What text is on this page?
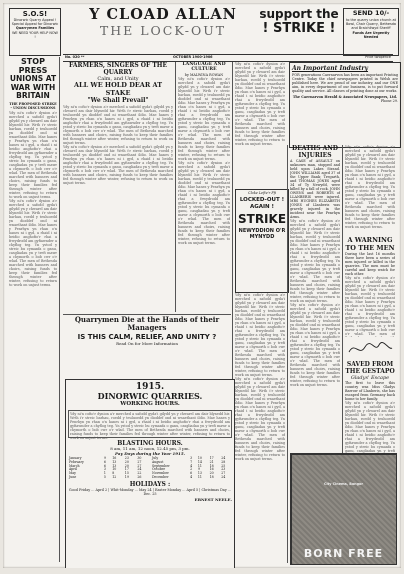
S.O.S!
Dinorwic Quarry Appeal ! Special Appeal for Dinorwic
Quarrymen Families
WE NEED YOUR HELP NOW !
Y CLOAD ALLAN
THE LOCK-OUT
support the
! STRIKE !
SEND 10/-
to the quarry union church at Bowl, Chair Quarry, Bethesda and Braichllwyd Sheriff
Funds Are Urgently Needed
No. 020 **	OCTOBER 1900-1906	Price twopence
STOP PRESS
UNIONS AT
WAR WITH
BRITAIN
THE PROPOSED STRIKE - UNION DISCUSSIONS
Ydy ni'n cofio'r dynion a'r merched a safodd gyda'i gilydd yn y chwarel am dair blynedd hir. Wrth i'r streic barhau, roedd y teuluoedd yn dioddef ond ni wnaethant ildio. Mae hanes y Penrhyn yn rhan o'n hanes ni i gyd, a rhaid i ni beidio anghofio'r rhai a frwydrodd am gyfiawnder a chyflog teg. Yn ystod y streic bu cymanfa o ganu, casgliadau yn y trefi mawr a chymorth o bob cwr o'r wlad. The men of Bethesda marched with banners and choirs, raising funds to keep their families fed through winter after winter, refusing to return to work on unjust terms.
Ydy ni'n cofio'r dynion a'r merched a safodd gyda'i gilydd yn y chwarel am dair blynedd hir. Wrth i'r streic barhau, roedd y teuluoedd yn dioddef ond ni wnaethant ildio. Mae hanes y Penrhyn yn rhan o'n hanes ni i gyd, a rhaid i ni beidio anghofio'r rhai a frwydrodd am gyfiawnder a chyflog teg. Yn ystod y streic bu cymanfa o ganu, casgliadau yn y trefi mawr a chymorth o bob cwr o'r wlad. The men of Bethesda marched with banners and choirs, raising funds to keep their families fed through winter after winter, refusing to return to work on unjust terms.
FARMERS, SINGERS OF THE QUARRY
Calm, and Unity
ALL WE HOLD DEAR AT STAKE
"We Shall Prevail"
Ydy ni'n cofio'r dynion a'r merched a safodd gyda'i gilydd yn y chwarel am dair blynedd hir. Wrth i'r streic barhau, roedd y teuluoedd yn dioddef ond ni wnaethant ildio. Mae hanes y Penrhyn yn rhan o'n hanes ni i gyd, a rhaid i ni beidio anghofio'r rhai a frwydrodd am gyfiawnder a chyflog teg. Yn ystod y streic bu cymanfa o ganu, casgliadau yn y trefi mawr a chymorth o bob cwr o'r wlad. The men of Bethesda marched with banners and choirs, raising funds to keep their families fed through winter after winter, refusing to return to work on unjust terms.
Ydy ni'n cofio'r dynion a'r merched a safodd gyda'i gilydd yn y chwarel am dair blynedd hir. Wrth i'r streic barhau, roedd y teuluoedd yn dioddef ond ni wnaethant ildio. Mae hanes y Penrhyn yn rhan o'n hanes ni i gyd, a rhaid i ni beidio anghofio'r rhai a frwydrodd am gyfiawnder a chyflog teg. Yn ystod y streic bu cymanfa o ganu, casgliadau yn y trefi mawr a chymorth o bob cwr o'r wlad. The men of Bethesda marched with banners and choirs, raising funds to keep their families fed through winter after winter, refusing to return to work on unjust terms.
LANGUAGE AND CULTURE
by MALWINA ROWAN
Ydy ni'n cofio'r dynion a'r merched a safodd gyda'i gilydd yn y chwarel am dair blynedd hir. Wrth i'r streic barhau, roedd y teuluoedd yn dioddef ond ni wnaethant ildio. Mae hanes y Penrhyn yn rhan o'n hanes ni i gyd, a rhaid i ni beidio anghofio'r rhai a frwydrodd am gyfiawnder a chyflog teg. Yn ystod y streic bu cymanfa o ganu, casgliadau yn y trefi mawr a chymorth o bob cwr o'r wlad. The men of Bethesda marched with banners and choirs, raising funds to keep their families fed through winter after winter, refusing to return to work on unjust terms.
Ydy ni'n cofio'r dynion a'r merched a safodd gyda'i gilydd yn y chwarel am dair blynedd hir. Wrth i'r streic barhau, roedd y teuluoedd yn dioddef ond ni wnaethant ildio. Mae hanes y Penrhyn yn rhan o'n hanes ni i gyd, a rhaid i ni beidio anghofio'r rhai a frwydrodd am gyfiawnder a chyflog teg. Yn ystod y streic bu cymanfa o ganu, casgliadau yn y trefi mawr a chymorth o bob cwr o'r wlad. The men of Bethesda marched with banners and choirs, raising funds to keep their families fed through winter after winter, refusing to return to work on unjust terms.
Ydy ni'n cofio'r dynion a'r merched a safodd gyda'i gilydd yn y chwarel am dair blynedd hir. Wrth i'r streic barhau, roedd y teuluoedd yn dioddef ond ni wnaethant ildio. Mae hanes y Penrhyn yn rhan o'n hanes ni i gyd, a rhaid i ni beidio anghofio'r rhai a frwydrodd am gyfiawnder a chyflog teg. Yn ystod y streic bu cymanfa o ganu, casgliadau yn y trefi mawr a chymorth o bob cwr o'r wlad. The men of Bethesda marched with banners and choirs, raising funds to keep their families fed through winter after winter, refusing to return to work on unjust terms.
An Important Industry
FOR generations Caernarvon has been an important Printing Centre. Today the chief newspapers printed in Welsh are published here. We are proud of our industry, and our ONE aim, in every department of our business, is to put forward quality and service. All classes of printing done at our works.
The Caernarvon Herald & Associated Newspapers, Ltd.
Phone 29.
Cloke Lefte'r Ffi
LOCKED-OUT ! AGAIN !
STRIKE
NEWYDDION O'R MYNYDD
Ydy ni'n cofio'r dynion a'r merched a safodd gyda'i gilydd yn y chwarel am dair blynedd hir. Wrth i'r streic barhau, roedd y teuluoedd yn dioddef ond ni wnaethant ildio. Mae hanes y Penrhyn yn rhan o'n hanes ni i gyd, a rhaid i ni beidio anghofio'r rhai a frwydrodd am gyfiawnder a chyflog teg. Yn ystod y streic bu cymanfa o ganu, casgliadau yn y trefi mawr a chymorth o bob cwr o'r wlad. The men of Bethesda marched with banners and choirs, raising funds to keep their families fed through winter after winter, refusing to return to work on unjust terms.
Ydy ni'n cofio'r dynion a'r merched a safodd gyda'i gilydd yn y chwarel am dair blynedd hir. Wrth i'r streic barhau, roedd y teuluoedd yn dioddef ond ni wnaethant ildio. Mae hanes y Penrhyn yn rhan o'n hanes ni i gyd, a rhaid i ni beidio anghofio'r rhai a frwydrodd am gyfiawnder a chyflog teg. Yn ystod y streic bu cymanfa o ganu, casgliadau yn y trefi mawr a chymorth o bob cwr o'r wlad. The men of Bethesda marched with banners and choirs, raising funds to keep their families fed through winter after winter, refusing to return to work on unjust terms.
DEATHS AND INJURIES
A CASE of ASSAULT on unknown man, stopped and held upon Lakes Strand. JOHN WILLIAMS aged 37 of the Upper Bank; Tregarth, and THOMAS JONES aged 34 of Ty Newydd, were killed by a fall of rock. JOHN OWENS and ROBERTS of LLANBERIS were injured. MRS HUGHES ELIZABETH JONES of Llanberis was gravely injured in the incident near the Penrhyn Arms.
Ydy ni'n cofio'r dynion a'r merched a safodd gyda'i gilydd yn y chwarel am dair blynedd hir. Wrth i'r streic barhau, roedd y teuluoedd yn dioddef ond ni wnaethant ildio. Mae hanes y Penrhyn yn rhan o'n hanes ni i gyd, a rhaid i ni beidio anghofio'r rhai a frwydrodd am gyfiawnder a chyflog teg. Yn ystod y streic bu cymanfa o ganu, casgliadau yn y trefi mawr a chymorth o bob cwr o'r wlad. The men of Bethesda marched with banners and choirs, raising funds to keep their families fed through winter after winter, refusing to return to work on unjust terms.
Ydy ni'n cofio'r dynion a'r merched a safodd gyda'i gilydd yn y chwarel am dair blynedd hir. Wrth i'r streic barhau, roedd y teuluoedd yn dioddef ond ni wnaethant ildio. Mae hanes y Penrhyn yn rhan o'n hanes ni i gyd, a rhaid i ni beidio anghofio'r rhai a frwydrodd am gyfiawnder a chyflog teg. Yn ystod y streic bu cymanfa o ganu, casgliadau yn y trefi mawr a chymorth o bob cwr o'r wlad. The men of Bethesda marched with banners and choirs, raising funds to keep their families fed through winter after winter, refusing to return to work on unjust terms.
Ydy ni'n cofio'r dynion a'r merched a safodd gyda'i gilydd yn y chwarel am dair blynedd hir. Wrth i'r streic barhau, roedd y teuluoedd yn dioddef ond ni wnaethant ildio. Mae hanes y Penrhyn yn rhan o'n hanes ni i gyd, a rhaid i ni beidio anghofio'r rhai a frwydrodd am gyfiawnder a chyflog teg. Yn ystod y streic bu cymanfa o ganu, casgliadau yn y trefi mawr a chymorth o bob cwr o'r wlad. The men of Bethesda marched with banners and choirs, raising funds to keep their families fed through winter after winter, refusing to return to work on unjust terms.
A WARNING TO THE MEN
During the last 16 months there have been a series of men injured or killed in the quarries. The men must be careful and keep watch for each other.
Ydy ni'n cofio'r dynion a'r merched a safodd gyda'i gilydd yn y chwarel am dair blynedd hir. Wrth i'r streic barhau, roedd y teuluoedd yn dioddef ond ni wnaethant ildio. Mae hanes y Penrhyn yn rhan o'n hanes ni i gyd, a rhaid i ni beidio anghofio'r rhai a frwydrodd am gyfiawnder a chyflog teg. Yn ystod y streic bu cymanfa o ganu, casgliadau yn y trefi mawr a chymorth o bob cwr o'r wlad. The men of Bethesda marched with banners and choirs, raising funds to keep their families fed through winter after winter, refusing to return to work on unjust terms.
SAVED FROM THE GESTAPO
Gladys' Escape
The first to leave this country was Miss Gladys Barrow of Llanberis, she has escaped from Germany back home to her family.
Ydy ni'n cofio'r dynion a'r merched a safodd gyda'i gilydd yn y chwarel am dair blynedd hir. Wrth i'r streic barhau, roedd y teuluoedd yn dioddef ond ni wnaethant ildio. Mae hanes y Penrhyn yn rhan o'n hanes ni i gyd, a rhaid i ni beidio anghofio'r rhai a frwydrodd am gyfiawnder a chyflog teg. Yn ystod y streic bu cymanfa o ganu, casgliadau yn y trefi mawr a chymorth o bob cwr o'r wlad. The men of Bethesda marched with banners and choirs, raising funds to keep their families fed through winter after winter, refusing to return to work on unjust terms.
City Cinema, Bangor
BORN FREE
Quarrymen Die at the Hands of their Managers
IS THIS CALM, RELIEF, AND UNITY ?
Read On for More Information
1915.
DINORWIC QUARRIES.
WORKING HOURS.
Ydy ni'n cofio'r dynion a'r merched a safodd gyda'i gilydd yn y chwarel am dair blynedd hir. Wrth i'r streic barhau, roedd y teuluoedd yn dioddef ond ni wnaethant ildio. Mae hanes y Penrhyn yn rhan o'n hanes ni i gyd, a rhaid i ni beidio anghofio'r rhai a frwydrodd am gyfiawnder a chyflog teg. Yn ystod y streic bu cymanfa o ganu, casgliadau yn y trefi mawr a chymorth o bob cwr o'r wlad. The men of Bethesda marched with banners and choirs, raising funds to keep their families fed through winter after winter, refusing to return to work on unjust terms.
BLASTING HOURS.
8 am, 11 am, 12 noon, 12.45 pm, 3 pm.
Pay Days during the Year 1915.
January	9	16	23	30
February	6	13	20	27
March	6	13	20	27
April	3	10	17	24
May	1	8	15	22
June	5	12	19	26
July	3	10	17	24
August	7	14	21	28
September	4	11	18	25
October	2	9	16	23
November	6	13	20	27
December	4	11	18	24
HOLIDAYS :
Good Friday ... April 2 | Whit-Monday ... May 24 | Easter Monday ... April 5 | Christmas Day ... Dec. 25
ERNEST NEELE.
